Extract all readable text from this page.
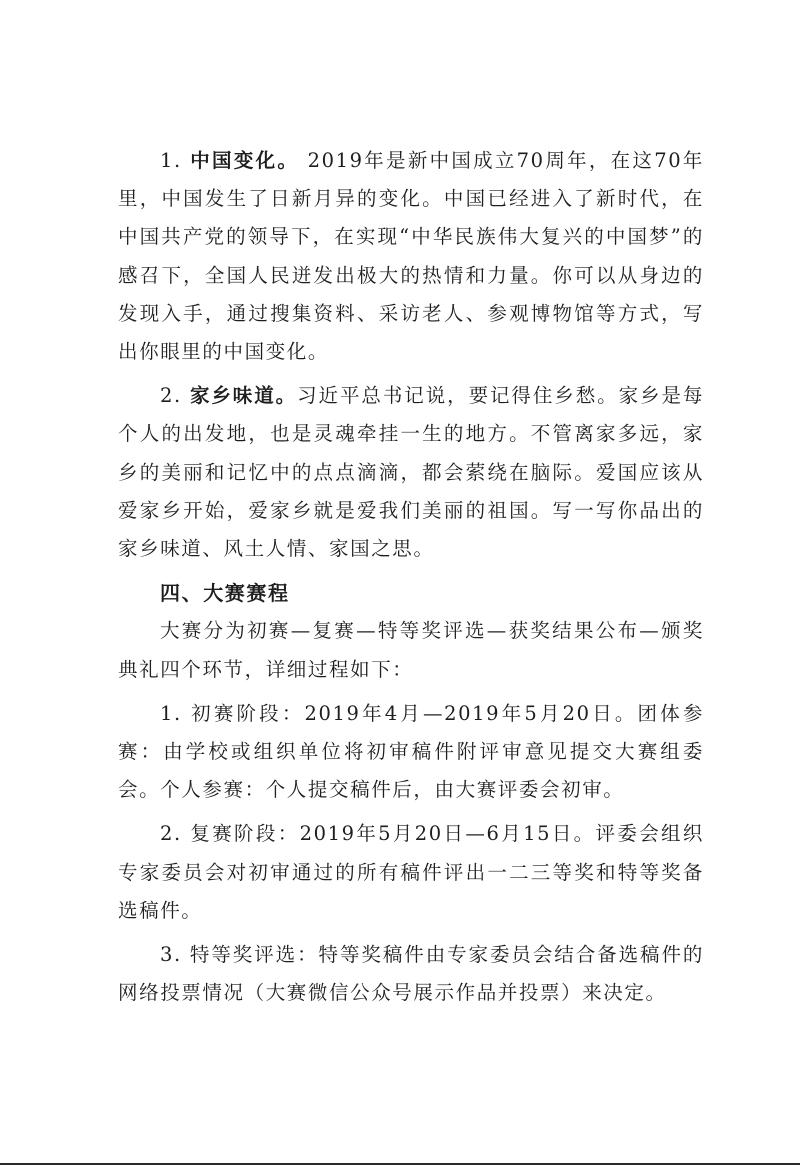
1. 中国变化。 2019年是新中国成立70周年，在这70年里，中国发生了日新月异的变化。中国已经进入了新时代，在中国共产党的领导下，在实现“中华民族伟大复兴的中国梦”的感召下，全国人民迸发出极大的热情和力量。你可以从身边的发现入手，通过搜集资料、采访老人、参观博物馆等方式，写出你眼里的中国变化。

2. 家乡味道。习近平总书记说，要记得住乡愁。家乡是每个人的出发地，也是灵魂牵挂一生的地方。不管离家多远，家乡的美丽和记忆中的点点滴滴，都会萦绕在脑际。爱国应该从爱家乡开始，爱家乡就是爱我们美丽的祖国。写一写你品出的家乡味道、风土人情、家国之思。

四、大赛赛程

大赛分为初赛—复赛—特等奖评选—获奖结果公布—颁奖典礼四个环节，详细过程如下：

1. 初赛阶段：2019年4月—2019年5月20日。团体参赛：由学校或组织单位将初审稿件附评审意见提交大赛组委会。个人参赛：个人提交稿件后，由大赛评委会初审。

2. 复赛阶段：2019年5月20日—6月15日。评委会组织专家委员会对初审通过的所有稿件评出一二三等奖和特等奖备选稿件。

3. 特等奖评选：特等奖稿件由专家委员会结合备选稿件的网络投票情况（大赛微信公众号展示作品并投票）来决定。
